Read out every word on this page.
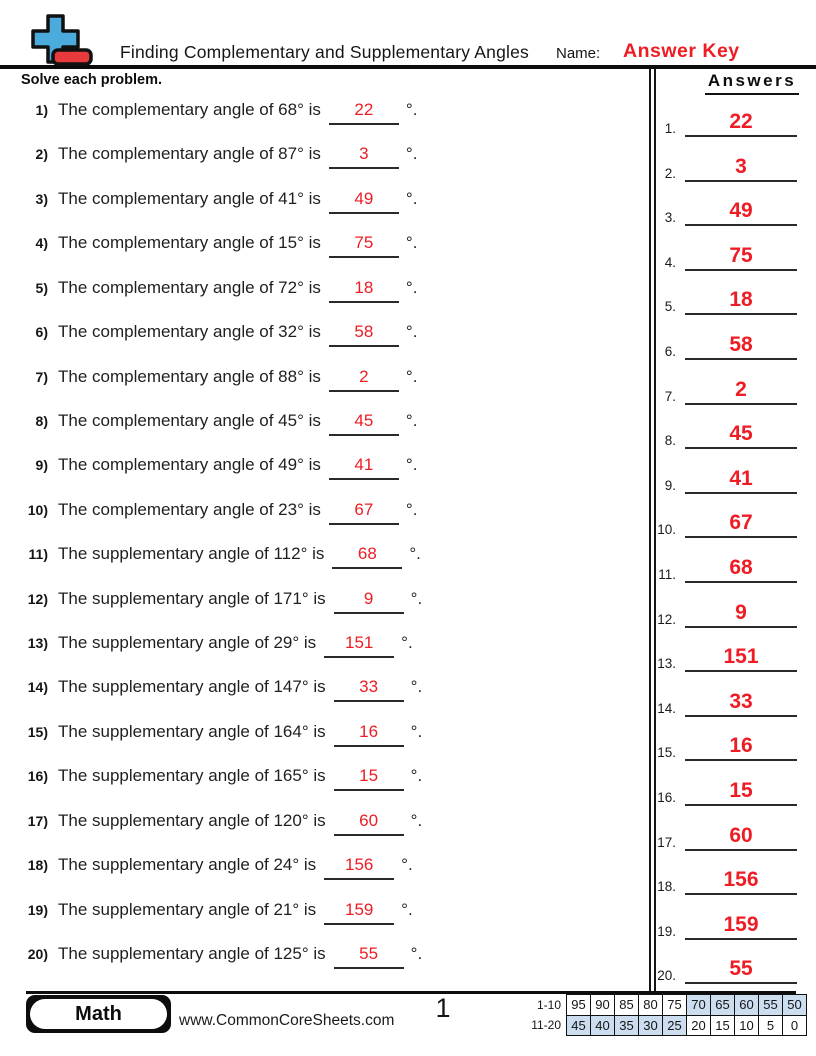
Finding Complementary and Supplementary Angles Name: Answer Key
Solve each problem.	Answers
1.	22
2.	3
3.	49
4.	75
5.	18
6.	58
7.	2
8.	45
9.	41
10.	67
11.	68
12.	9
13.	151
14.	33
15.	16
16.	15
17.	60
18.	156
19.	159
20.	55
1) The complementary angle of 68° is	22	°.
2) The complementary angle of 87° is	3	°.
3) The complementary angle of 41° is	49	°.
4) The complementary angle of 15° is	75	°.
5) The complementary angle of 72° is	18	°.
6) The complementary angle of 32° is	58	°.
7) The complementary angle of 88° is	2	°.
8) The complementary angle of 45° is	45	°.
9) The complementary angle of 49° is	41	°.
10) The complementary angle of 23° is	67	°.
11) The supplementary angle of 112° is	68	°.
12) The supplementary angle of 171° is	9	°.
13) The supplementary angle of 29° is	151	°.
14) The supplementary angle of 147° is	33	°.
15) The supplementary angle of 164° is	16	°.
16) The supplementary angle of 165° is	15	°.
17) The supplementary angle of 120° is	60	°.
18) The supplementary angle of 24° is	156	°.
19) The supplementary angle of 21° is	159	°.
20) The supplementary angle of 125° is	55	°.
Math	www.CommonCoreSheets.com	1	1-10	95	90	85	80	75	70	65	60	55	50
11-20	45	40	35	30	25	20	15	10	5	0
